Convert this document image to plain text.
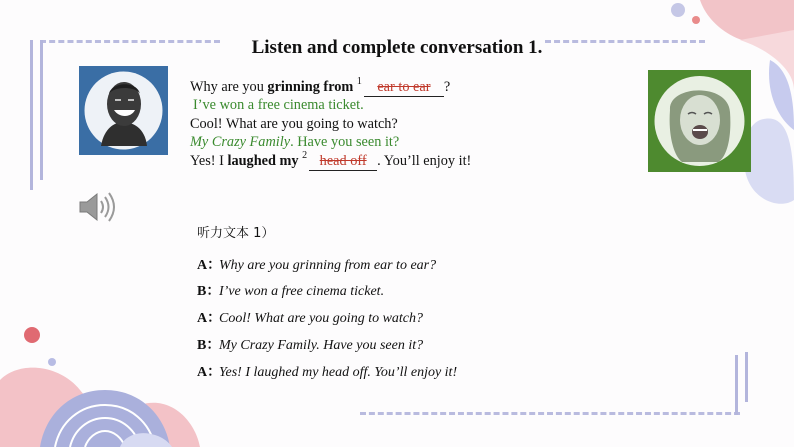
Listen and complete conversation 1.
Why are you grinning from $^1$ ear to ear ?
I’ve won a free cinema ticket.
Cool! What are you going to watch?
My Crazy Family. Have you seen it?
Yes! I laughed my $^2$ head off . You’ll enjoy it!
听力文本 1）
A：Why are you grinning from ear to ear?
B：I’ve won a free cinema ticket.
A：Cool! What are you going to watch?
B：My Crazy Family. Have you seen it?
A：Yes! I laughed my head off. You’ll enjoy it!
